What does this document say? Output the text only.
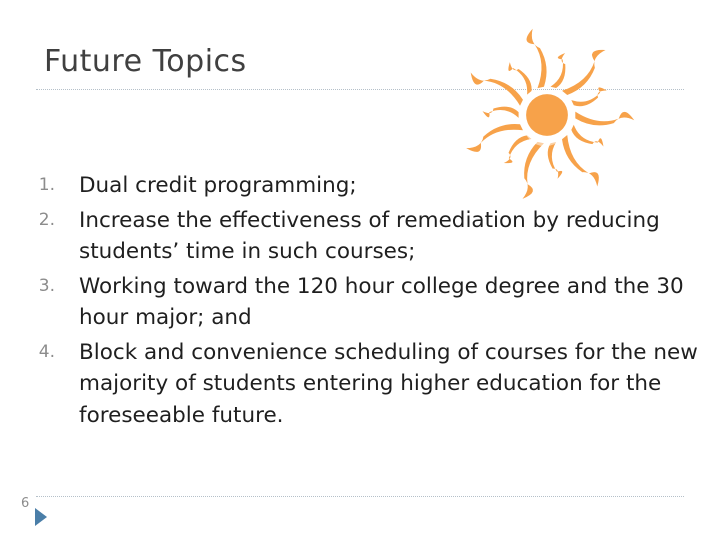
Future Topics
1. Dual credit programming;
2. Increase the effectiveness of remediation by reducing students’ time in such courses;
3. Working toward the 120 hour college degree and the 30 hour major; and
4. Block and convenience scheduling of courses for the new majority of students entering higher education for the foreseeable future.
6
